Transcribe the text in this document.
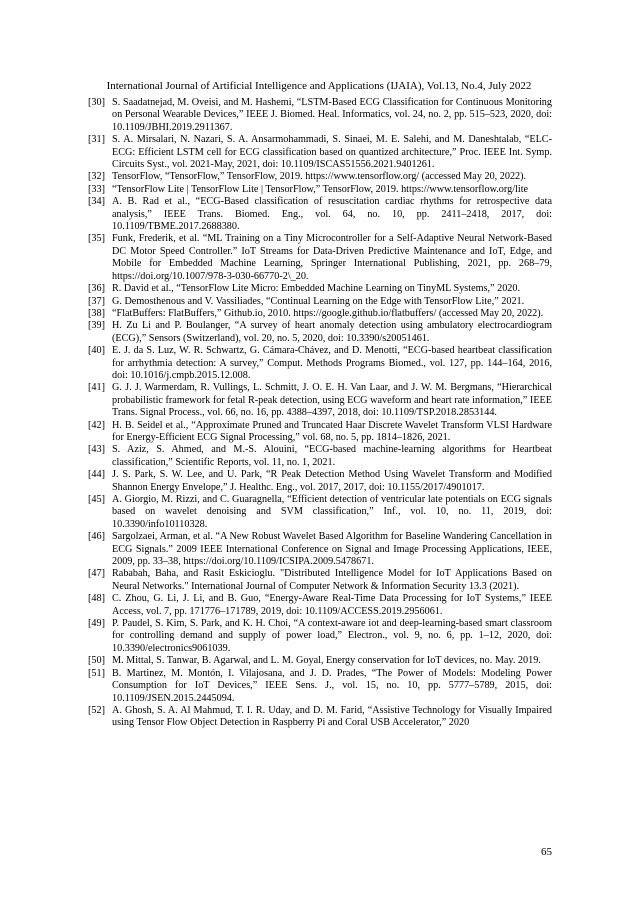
International Journal of Artificial Intelligence and Applications (IJAIA), Vol.13, No.4, July 2022
[30] S. Saadatnejad, M. Oveisi, and M. Hashemi, “LSTM-Based ECG Classification for Continuous Monitoring on Personal Wearable Devices,” IEEE J. Biomed. Heal. Informatics, vol. 24, no. 2, pp. 515–523, 2020, doi: 10.1109/JBHI.2019.2911367.
[31] S. A. Mirsalari, N. Nazari, S. A. Ansarmohammadi, S. Sinaei, M. E. Salehi, and M. Daneshtalab, “ELC-ECG: Efficient LSTM cell for ECG classification based on quantized architecture,” Proc. IEEE Int. Symp. Circuits Syst., vol. 2021-May, 2021, doi: 10.1109/ISCAS51556.2021.9401261.
[32] TensorFlow, “TensorFlow,” TensorFlow, 2019. https://www.tensorflow.org/ (accessed May 20, 2022).
[33] “TensorFlow Lite | TensorFlow Lite | TensorFlow,” TensorFlow, 2019. https://www.tensorflow.org/lite
[34] A. B. Rad et al., “ECG-Based classification of resuscitation cardiac rhythms for retrospective data analysis,” IEEE Trans. Biomed. Eng., vol. 64, no. 10, pp. 2411–2418, 2017, doi: 10.1109/TBME.2017.2688380.
[35] Funk, Frederik, et al. “ML Training on a Tiny Microcontroller for a Self-Adaptive Neural Network-Based DC Motor Speed Controller.” IoT Streams for Data-Driven Predictive Maintenance and IoT, Edge, and Mobile for Embedded Machine Learning, Springer International Publishing, 2021, pp. 268–79, https://doi.org/10.1007/978-3-030-66770-2\_20.
[36] R. David et al., “TensorFlow Lite Micro: Embedded Machine Learning on TinyML Systems,” 2020.
[37] G. Demosthenous and V. Vassiliades, “Continual Learning on the Edge with TensorFlow Lite,” 2021.
[38] “FlatBuffers: FlatBuffers,” Github.io, 2010. https://google.github.io/flatbuffers/ (accessed May 20, 2022).
[39] H. Zu Li and P. Boulanger, “A survey of heart anomaly detection using ambulatory electrocardiogram (ECG),” Sensors (Switzerland), vol. 20, no. 5, 2020, doi: 10.3390/s20051461.
[40] E. J. da S. Luz, W. R. Schwartz, G. Cámara-Chávez, and D. Menotti, “ECG-based heartbeat classification for arrhythmia detection: A survey,” Comput. Methods Programs Biomed., vol. 127, pp. 144–164, 2016, doi: 10.1016/j.cmpb.2015.12.008.
[41] G. J. J. Warmerdam, R. Vullings, L. Schmitt, J. O. E. H. Van Laar, and J. W. M. Bergmans, “Hierarchical probabilistic framework for fetal R-peak detection, using ECG waveform and heart rate information,” IEEE Trans. Signal Process., vol. 66, no. 16, pp. 4388–4397, 2018, doi: 10.1109/TSP.2018.2853144.
[42] H. B. Seidel et al., “Approximate Pruned and Truncated Haar Discrete Wavelet Transform VLSI Hardware for Energy-Efficient ECG Signal Processing,” vol. 68, no. 5, pp. 1814–1826, 2021.
[43] S. Aziz, S. Ahmed, and M.-S. Alouini, “ECG-based machine-learning algorithms for Heartbeat classification,” Scientific Reports, vol. 11, no. 1, 2021.
[44] J. S. Park, S. W. Lee, and U. Park, “R Peak Detection Method Using Wavelet Transform and Modified Shannon Energy Envelope,” J. Healthc. Eng., vol. 2017, 2017, doi: 10.1155/2017/4901017.
[45] A. Giorgio, M. Rizzi, and C. Guaragnella, “Efficient detection of ventricular late potentials on ECG signals based on wavelet denoising and SVM classification,” Inf., vol. 10, no. 11, 2019, doi: 10.3390/info10110328.
[46] Sargolzaei, Arman, et al. “A New Robust Wavelet Based Algorithm for Baseline Wandering Cancellation in ECG Signals.” 2009 IEEE International Conference on Signal and Image Processing Applications, IEEE, 2009, pp. 33–38, https://doi.org/10.1109/ICSIPA.2009.5478671.
[47] Rababah, Baha, and Rasit Eskicioglu. "Distributed Intelligence Model for IoT Applications Based on Neural Networks." International Journal of Computer Network & Information Security 13.3 (2021).
[48] C. Zhou, G. Li, J. Li, and B. Guo, “Energy-Aware Real-Time Data Processing for IoT Systems,” IEEE Access, vol. 7, pp. 171776–171789, 2019, doi: 10.1109/ACCESS.2019.2956061.
[49] P. Paudel, S. Kim, S. Park, and K. H. Choi, “A context-aware iot and deep-learning-based smart classroom for controlling demand and supply of power load,” Electron., vol. 9, no. 6, pp. 1–12, 2020, doi: 10.3390/electronics9061039.
[50] M. Mittal, S. Tanwar, B. Agarwal, and L. M. Goyal, Energy conservation for IoT devices, no. May. 2019.
[51] B. Martinez, M. Montón, I. Vilajosana, and J. D. Prades, “The Power of Models: Modeling Power Consumption for IoT Devices,” IEEE Sens. J., vol. 15, no. 10, pp. 5777–5789, 2015, doi: 10.1109/JSEN.2015.2445094.
[52] A. Ghosh, S. A. Al Mahmud, T. I. R. Uday, and D. M. Farid, “Assistive Technology for Visually Impaired using Tensor Flow Object Detection in Raspberry Pi and Coral USB Accelerator,” 2020
65
